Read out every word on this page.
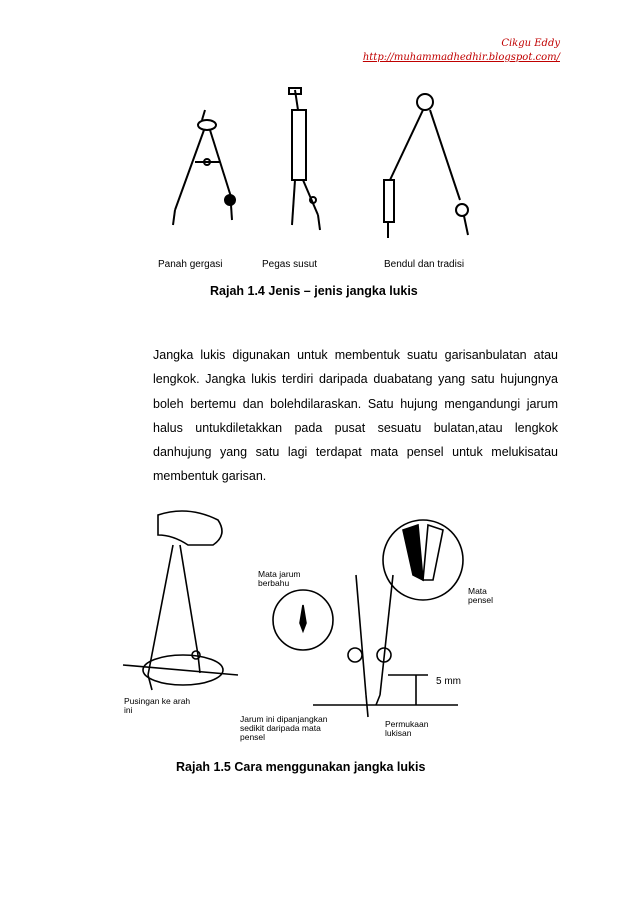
Cikgu Eddy
http://muhammadhedhir.blogspot.com/
Panah gergasi	Pegas susut	Bendul dan tradisi
Rajah 1.4 Jenis – jenis jangka lukis
Jangka lukis digunakan untuk membentuk suatu garisanbulatan atau lengkok. Jangka lukis terdiri daripada duabatang yang satu hujungnya boleh bertemu dan bolehdilaraskan. Satu hujung mengandungi jarum halus untukdiletakkan pada pusat sesuatu bulatan,atau lengkok danhujung yang satu lagi terdapat mata pensel untuk melukisatau membentuk garisan.
Mata jarum berbahu
Mata pensel
Pusingan ke arah ini
5 mm
Jarum ini dipanjangkan sedikit daripada mata pensel
Permukaan lukisan
Rajah 1.5 Cara menggunakan jangka lukis
